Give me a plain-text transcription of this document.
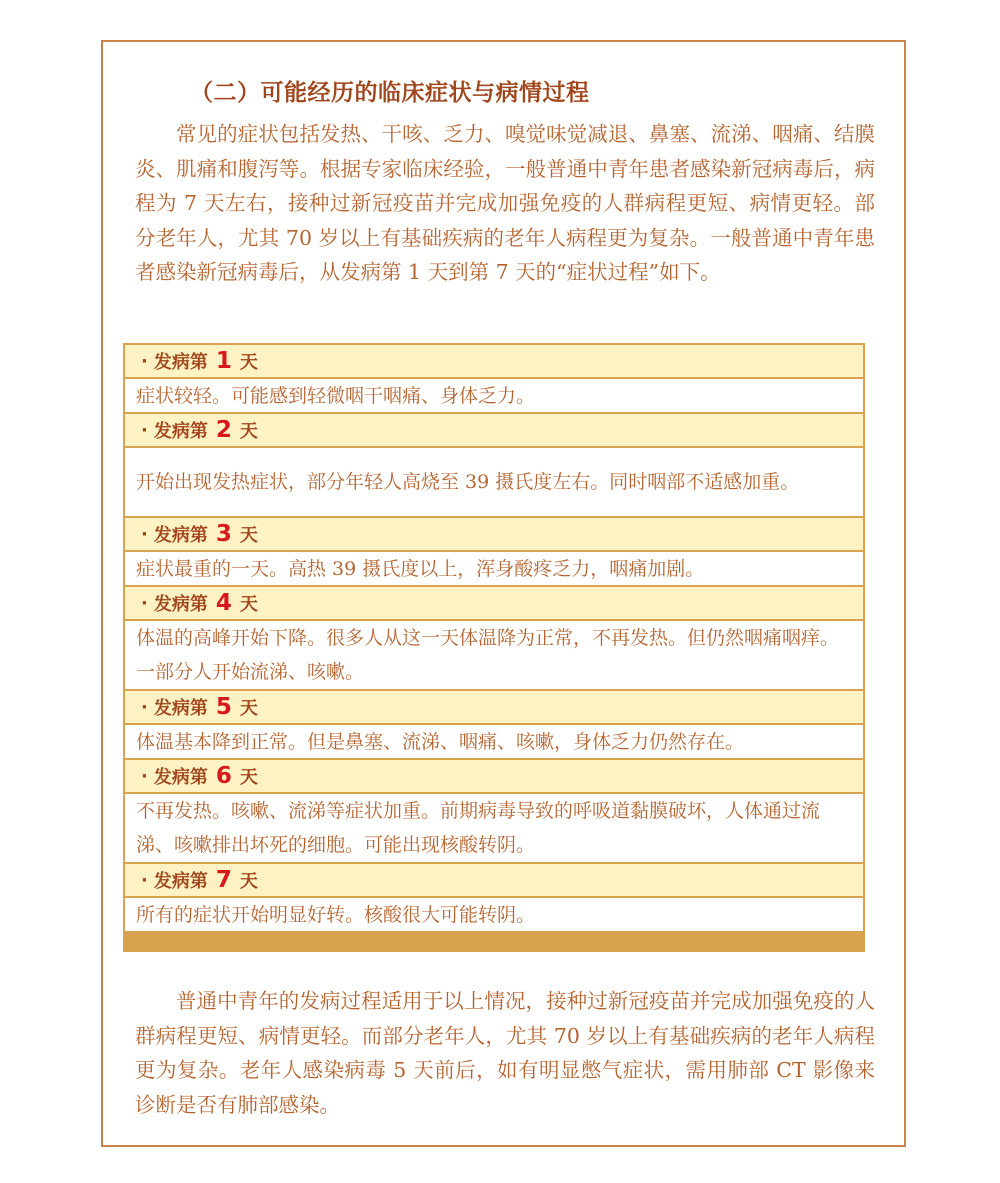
（二）可能经历的临床症状与病情过程

常见的症状包括发热、干咳、乏力、嗅觉味觉减退、鼻塞、流涕、咽痛、结膜炎、肌痛和腹泻等。根据专家临床经验，一般普通中青年患者感染新冠病毒后，病程为 7 天左右，接种过新冠疫苗并完成加强免疫的人群病程更短、病情更轻。部分老年人，尤其 70 岁以上有基础疾病的老年人病程更为复杂。一般普通中青年患者感染新冠病毒后，从发病第 1 天到第 7 天的“症状过程”如下。

· 发病第 1 天
症状较轻。可能感到轻微咽干咽痛、身体乏力。
· 发病第 2 天
开始出现发热症状，部分年轻人高烧至 39 摄氏度左右。同时咽部不适感加重。
· 发病第 3 天
症状最重的一天。高热 39 摄氏度以上，浑身酸疼乏力，咽痛加剧。
· 发病第 4 天
体温的高峰开始下降。很多人从这一天体温降为正常，不再发热。但仍然咽痛咽痒。一部分人开始流涕、咳嗽。
· 发病第 5 天
体温基本降到正常。但是鼻塞、流涕、咽痛、咳嗽，身体乏力仍然存在。
· 发病第 6 天
不再发热。咳嗽、流涕等症状加重。前期病毒导致的呼吸道黏膜破坏，人体通过流涕、咳嗽排出坏死的细胞。可能出现核酸转阴。
· 发病第 7 天
所有的症状开始明显好转。核酸很大可能转阴。

普通中青年的发病过程适用于以上情况，接种过新冠疫苗并完成加强免疫的人群病程更短、病情更轻。而部分老年人，尤其 70 岁以上有基础疾病的老年人病程更为复杂。老年人感染病毒 5 天前后，如有明显憋气症状，需用肺部 CT 影像来诊断是否有肺部感染。
